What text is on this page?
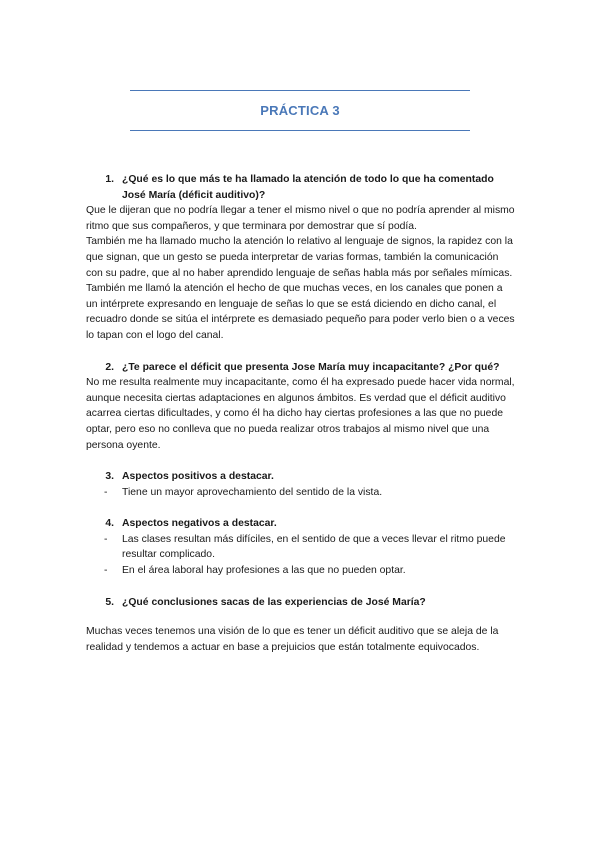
PRÁCTICA 3
1. ¿Qué es lo que más te ha llamado la atención de todo lo que ha comentado José María (déficit auditivo)?

Que le dijeran que no podría llegar a tener el mismo nivel o que no podría aprender al mismo ritmo que sus compañeros, y que terminara por demostrar que sí podía.

También me ha llamado mucho la atención lo relativo al lenguaje de signos, la rapidez con la que signan, que un gesto se pueda interpretar de varias formas, también la comunicación con su padre, que al no haber aprendido lenguaje de señas habla más por señales mímicas.

También me llamó la atención el hecho de que muchas veces, en los canales que ponen a un intérprete expresando en lenguaje de señas lo que se está diciendo en dicho canal, el recuadro donde se sitúa el intérprete es demasiado pequeño para poder verlo bien o a veces lo tapan con el logo del canal.

2. ¿Te parece el déficit que presenta Jose María muy incapacitante? ¿Por qué?

No me resulta realmente muy incapacitante, como él ha expresado puede hacer vida normal, aunque necesita ciertas adaptaciones en algunos ámbitos. Es verdad que el déficit auditivo acarrea ciertas dificultades, y como él ha dicho hay ciertas profesiones a las que no puede optar, pero eso no conlleva que no pueda realizar otros trabajos al mismo nivel que una persona oyente.

3. Aspectos positivos a destacar.
-	Tiene un mayor aprovechamiento del sentido de la vista.
4. Aspectos negativos a destacar.
-	Las clases resultan más difíciles, en el sentido de que a veces llevar el ritmo puede resultar complicado.
-	En el área laboral hay profesiones a las que no pueden optar.
5. ¿Qué conclusiones sacas de las experiencias de José María?

Muchas veces tenemos una visión de lo que es tener un déficit auditivo que se aleja de la realidad y tendemos a actuar en base a prejuicios que están totalmente equivocados.
